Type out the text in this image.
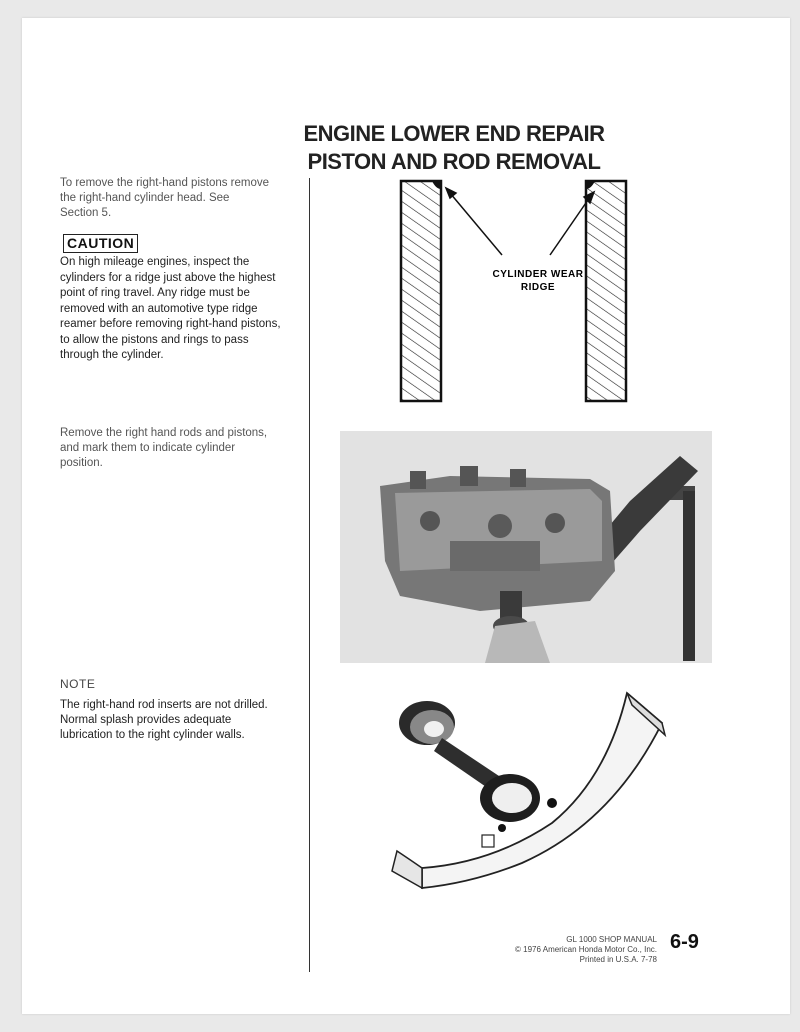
ENGINE LOWER END REPAIR
PISTON AND ROD REMOVAL
To remove the right-hand pistons remove the right-hand cylinder head. See Section 5.
CAUTION
On high mileage engines, inspect the cylinders for a ridge just above the highest point of ring travel. Any ridge must be removed with an automotive type ridge reamer before removing right-hand pistons, to allow the pistons and rings to pass through the cylinder.
Remove the right hand rods and pistons, and mark them to indicate cylinder position.
NOTE
The right-hand rod inserts are not drilled. Normal splash provides adequate lubrication to the right cylinder walls.
CYLINDER WEAR
RIDGE
GL 1000 SHOP MANUAL
© 1976 American Honda Motor Co., Inc.
Printed in U.S.A. 7-78
6-9
